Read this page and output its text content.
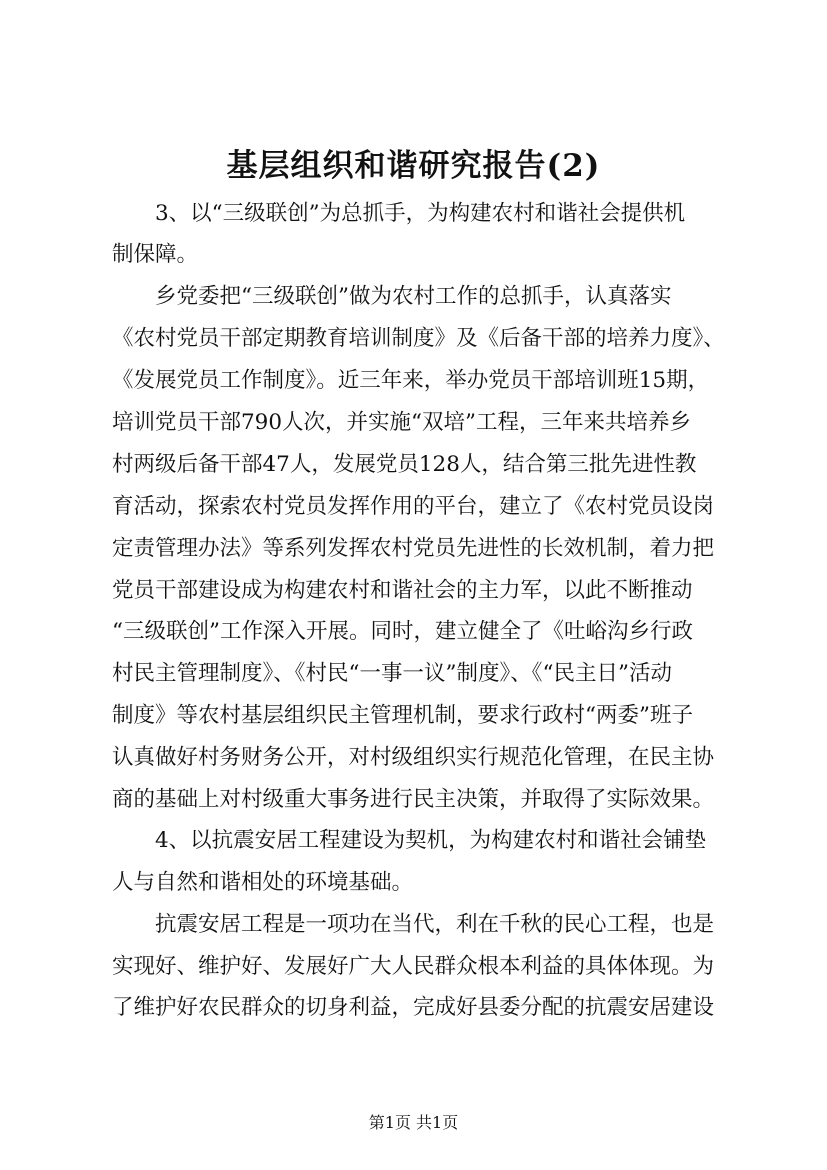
基层组织和谐研究报告(2)

3、以“三级联创”为总抓手，为构建农村和谐社会提供机

制保障。

乡党委把“三级联创”做为农村工作的总抓手，认真落实

《农村党员干部定期教育培训制度》及《后备干部的培养力度》、

《发展党员工作制度》。近三年来，举办党员干部培训班15期，

培训党员干部790人次，并实施“双培”工程，三年来共培养乡

村两级后备干部47人，发展党员128人，结合第三批先进性教

育活动，探索农村党员发挥作用的平台，建立了《农村党员设岗

定责管理办法》等系列发挥农村党员先进性的长效机制，着力把

党员干部建设成为构建农村和谐社会的主力军，以此不断推动

“三级联创”工作深入开展。同时，建立健全了《吐峪沟乡行政

村民主管理制度》、《村民“一事一议”制度》、《“民主日”活动

制度》等农村基层组织民主管理机制，要求行政村“两委”班子

认真做好村务财务公开，对村级组织实行规范化管理，在民主协

商的基础上对村级重大事务进行民主决策，并取得了实际效果。

4、以抗震安居工程建设为契机，为构建农村和谐社会铺垫

人与自然和谐相处的环境基础。

抗震安居工程是一项功在当代，利在千秋的民心工程，也是

实现好、维护好、发展好广大人民群众根本利益的具体体现。为

了维护好农民群众的切身利益，完成好县委分配的抗震安居建设

第1页 共1页
